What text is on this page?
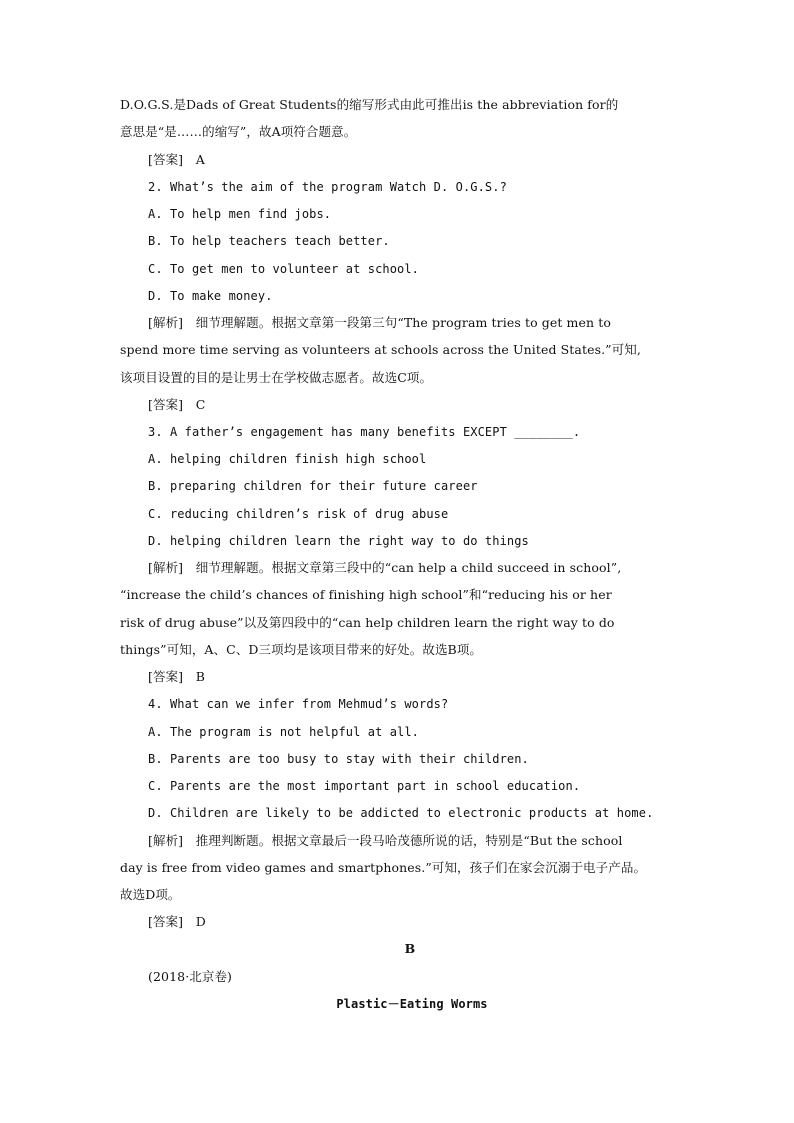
D.O.G.S.是Dads of Great Students的缩写形式由此可推出is the abbreviation for的
意思是“是……的缩写”，故A项符合题意。
[答案]　A
2. What’s the aim of the program Watch D. O.G.S.?
A. To help men find jobs.
B. To help teachers teach better.
C. To get men to volunteer at school.
D. To make money.
[解析]　细节理解题。根据文章第一段第三句“The program tries to get men to
spend more time serving as volunteers at schools across the United States.”可知,
该项目设置的目的是让男士在学校做志愿者。故选C项。
[答案]　C
3. A father’s engagement has many benefits EXCEPT ________.
A. helping children finish high school
B. preparing children for their future career
C. reducing children’s risk of drug abuse
D. helping children learn the right way to do things
[解析]　细节理解题。根据文章第三段中的“can help a child succeed in school”,
“increase the child’s chances of finishing high school”和“reducing his or her
risk of drug abuse”以及第四段中的“can help children learn the right way to do
things”可知，A、C、D三项均是该项目带来的好处。故选B项。
[答案]　B
4. What can we infer from Mehmud’s words?
A. The program is not helpful at all.
B. Parents are too busy to stay with their children.
C. Parents are the most important part in school education.
D. Children are likely to be addicted to electronic products at home.
[解析]　推理判断题。根据文章最后一段马哈茂德所说的话，特别是“But the school
day is free from video games and smartphones.”可知，孩子们在家会沉溺于电子产品。
故选D项。
[答案]　D
B
(2018·北京卷)
Plastic－Eating Worms
